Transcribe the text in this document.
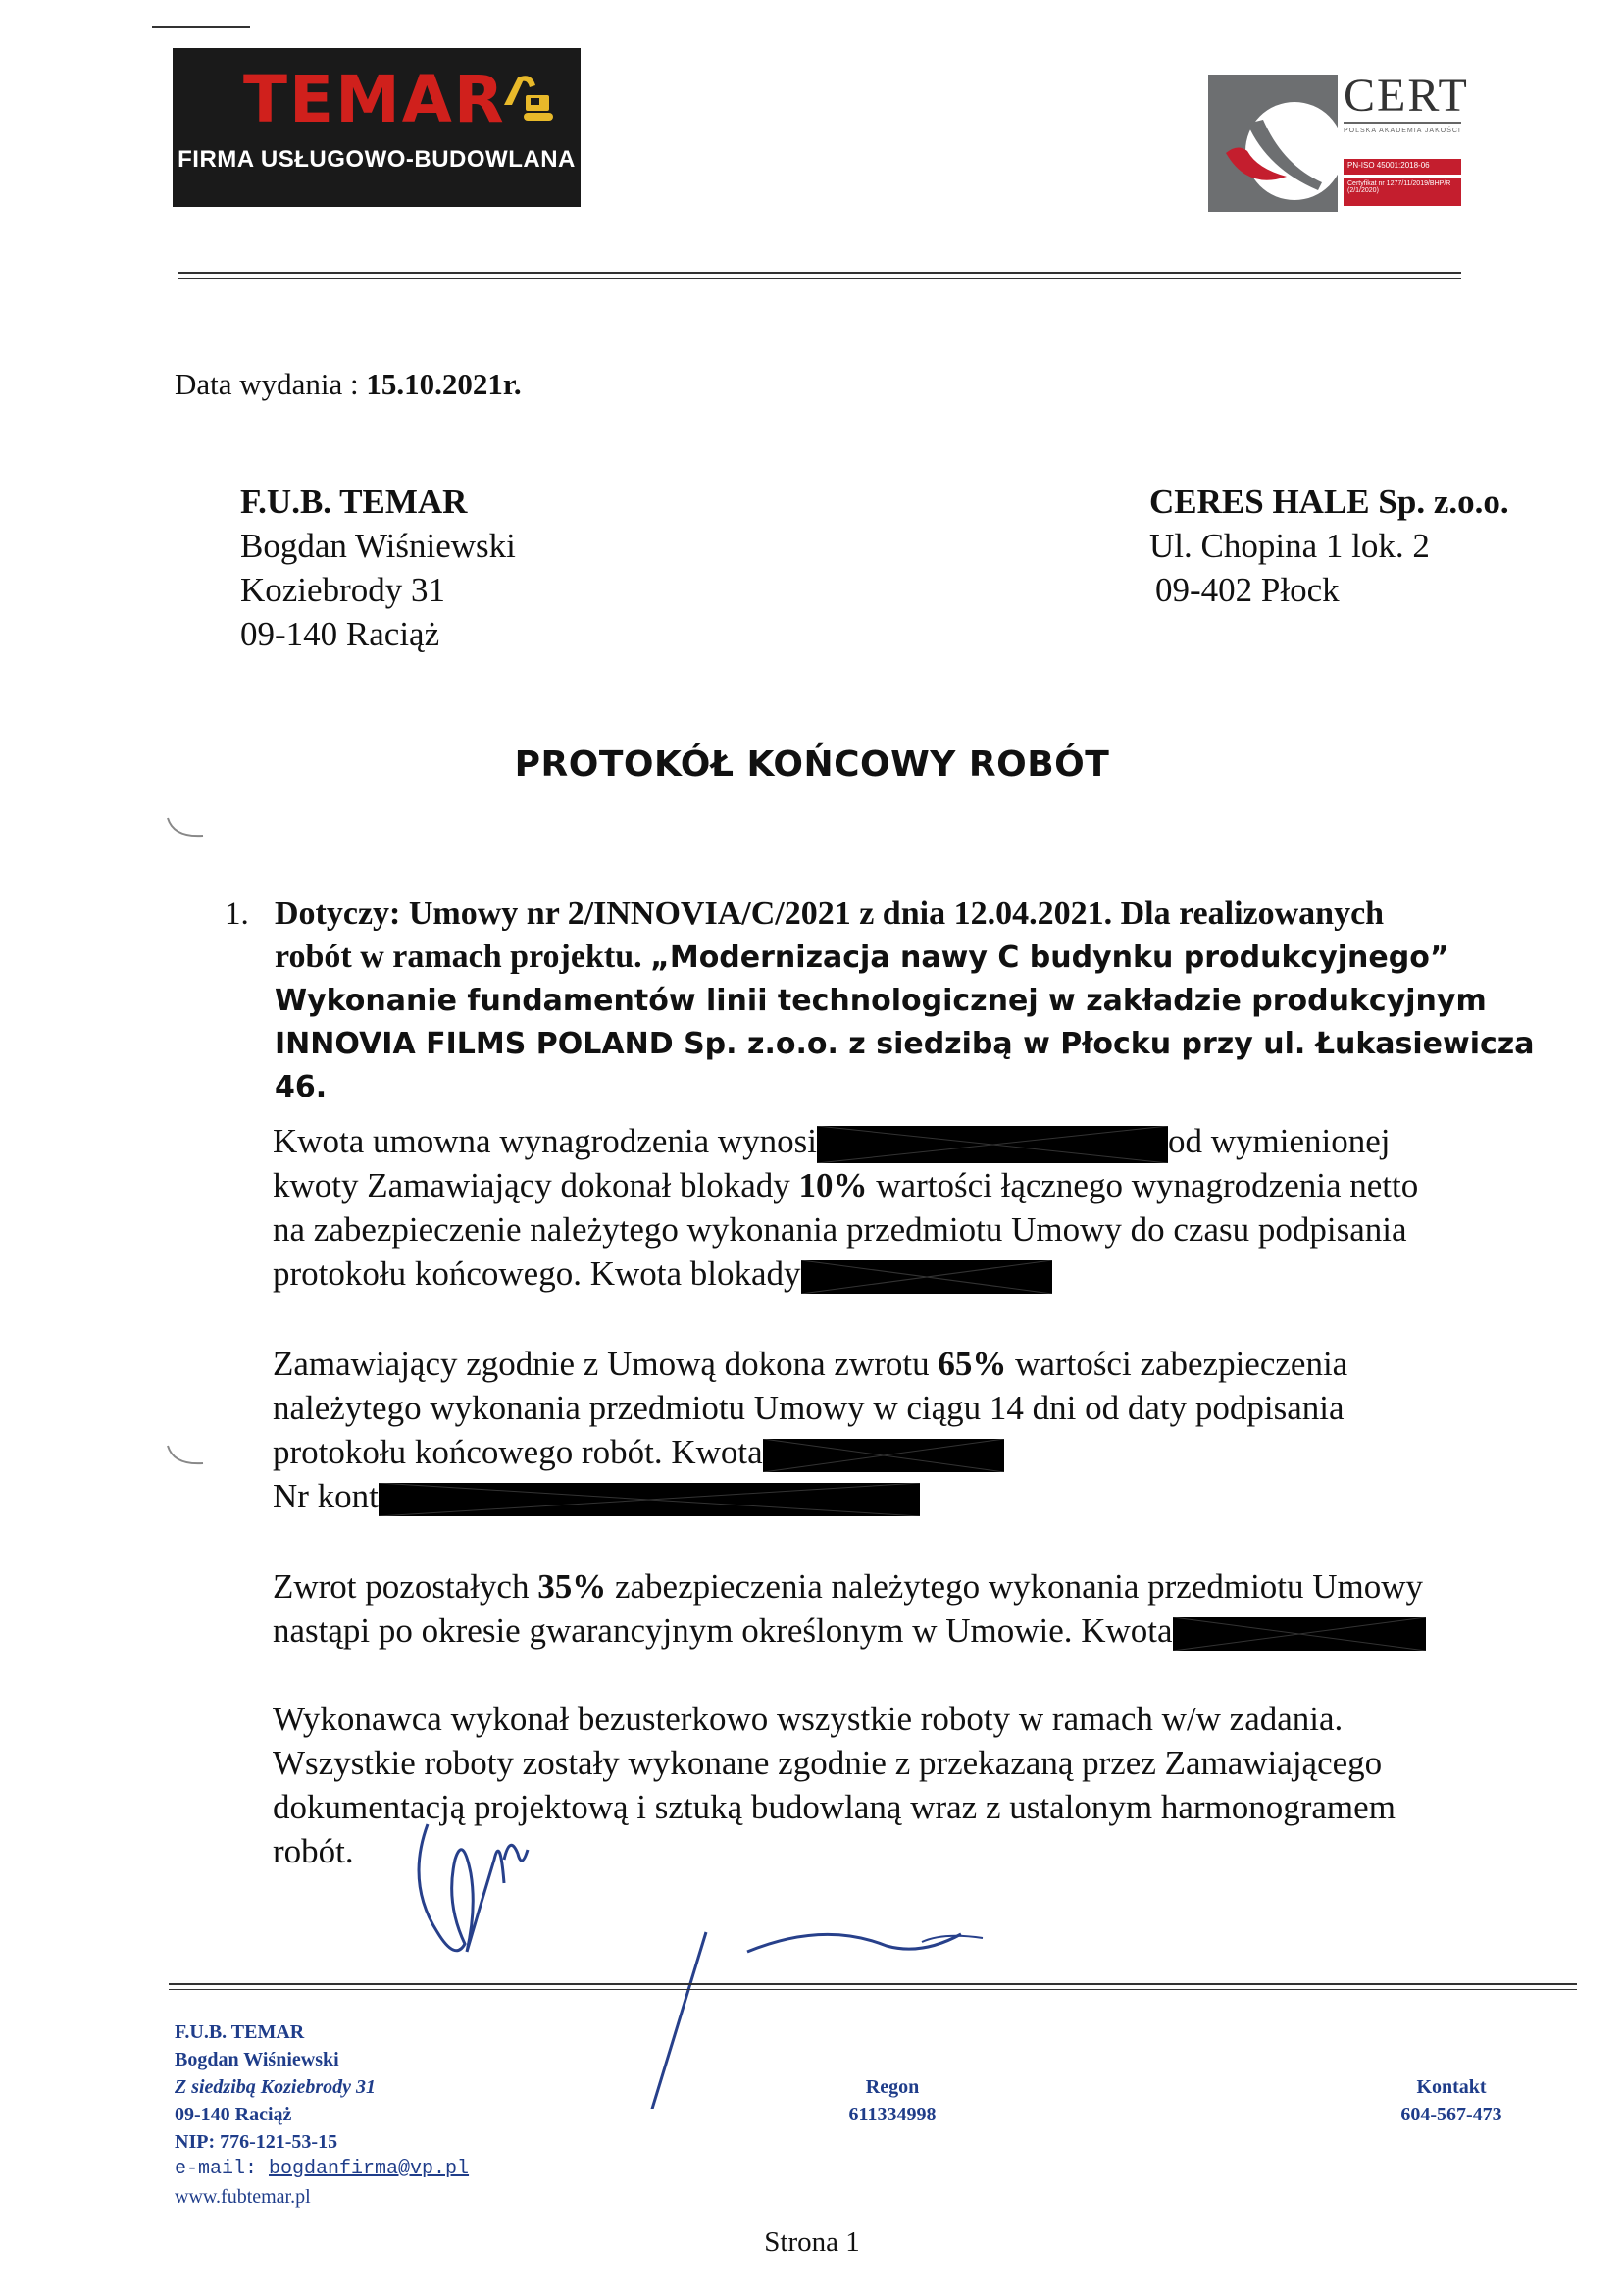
TEMAR
FIRMA USŁUGOWO-BUDOWLANA
CERT
POLSKA AKADEMIA JAKOŚCI
PN-ISO 45001:2018-06
Certyfikat nr 1277/11/2019/BHP/R (2/1/2020)
Data wydania : 15.10.2021r.
F.U.B. TEMAR
Bogdan Wiśniewski
Koziebrody 31
09-140 Raciąż
CERES HALE Sp. z.o.o.
Ul. Chopina 1 lok. 2
09-402 Płock
PROTOKÓŁ KOŃCOWY ROBÓT
1. Dotyczy: Umowy nr 2/INNOVIA/C/2021 z dnia 12.04.2021. Dla realizowanych
robót w ramach projektu. „Modernizacja nawy C budynku produkcyjnego”
Wykonanie fundamentów linii technologicznej w zakładzie produkcyjnym
INNOVIA FILMS POLAND Sp. z.o.o. z siedzibą w Płocku przy ul. Łukasiewicza 46.
Kwota umowna wynagrodzenia wynosi	od wymienionej
kwoty Zamawiający dokonał blokady 10% wartości łącznego wynagrodzenia netto
na zabezpieczenie należytego wykonania przedmiotu Umowy do czasu podpisania
protokołu końcowego. Kwota blokady
Zamawiający zgodnie z Umową dokona zwrotu 65% wartości zabezpieczenia
należytego wykonania przedmiotu Umowy w ciągu 14 dni od daty podpisania
protokołu końcowego robót. Kwota
Nr kont
Zwrot pozostałych 35% zabezpieczenia należytego wykonania przedmiotu Umowy
nastąpi po okresie gwarancyjnym określonym w Umowie. Kwota
Wykonawca wykonał bezusterkowo wszystkie roboty w ramach w/w zadania.
Wszystkie roboty zostały wykonane zgodnie z przekazaną przez Zamawiającego
dokumentacją projektową i sztuką budowlaną wraz z ustalonym harmonogramem
robót.
F.U.B. TEMAR
Bogdan Wiśniewski
Z siedzibą Koziebrody 31
09-140 Raciąż
NIP: 776-121-53-15
e-mail: bogdanfirma@vp.pl
www.fubtemar.pl
Regon
611334998
Kontakt
604-567-473
Strona 1
